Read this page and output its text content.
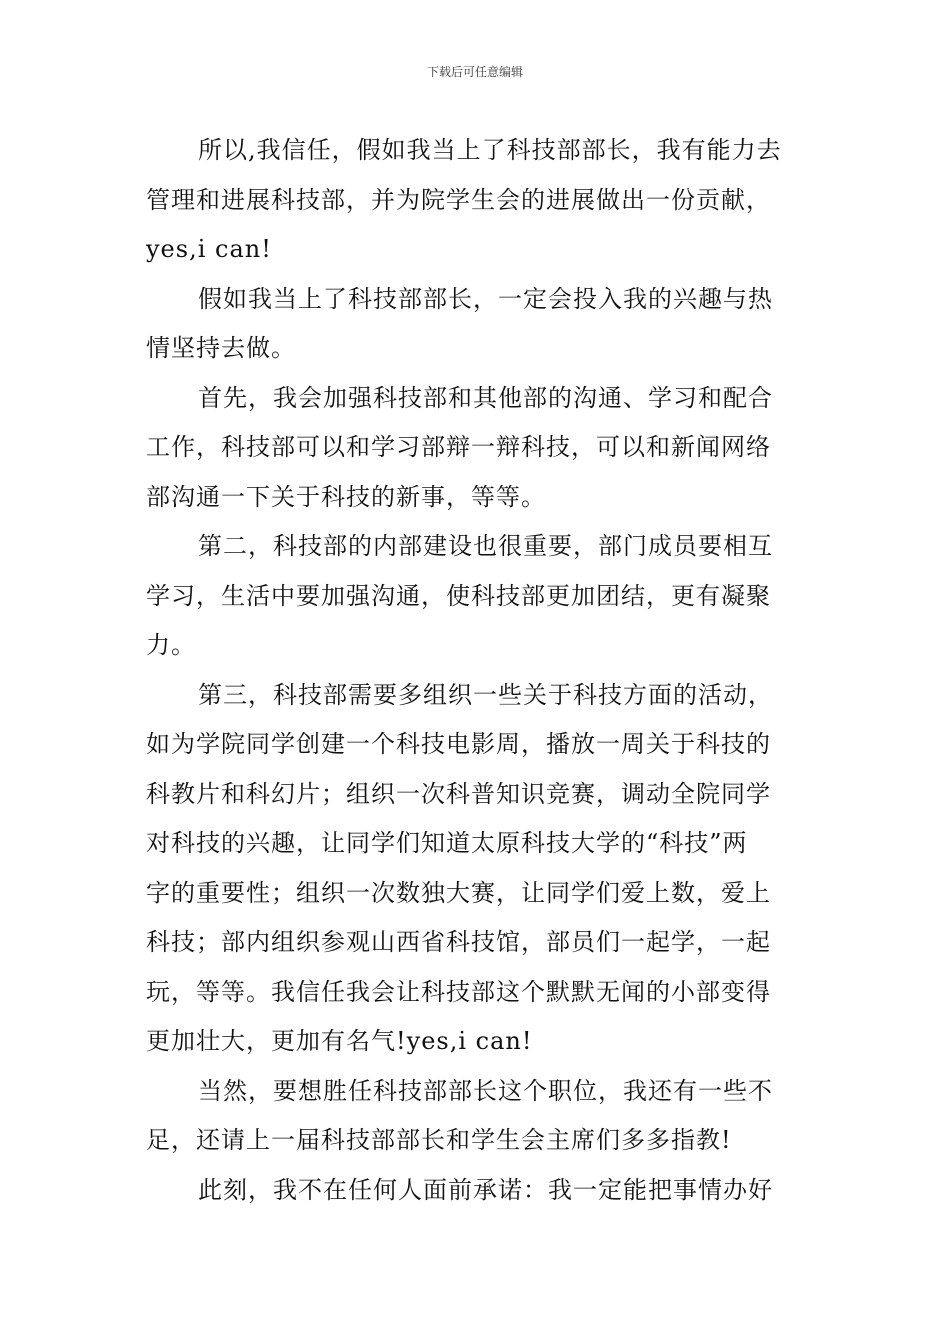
下载后可任意编辑
所以,我信任，假如我当上了科技部部长，我有能力去
管理和进展科技部，并为院学生会的进展做出一份贡献，
yes,i can!
假如我当上了科技部部长，一定会投入我的兴趣与热
情坚持去做。
首先，我会加强科技部和其他部的沟通、学习和配合
工作，科技部可以和学习部辩一辩科技，可以和新闻网络
部沟通一下关于科技的新事，等等。
第二，科技部的内部建设也很重要，部门成员要相互
学习，生活中要加强沟通，使科技部更加团结，更有凝聚
力。
第三，科技部需要多组织一些关于科技方面的活动，
如为学院同学创建一个科技电影周，播放一周关于科技的
科教片和科幻片；组织一次科普知识竞赛，调动全院同学
对科技的兴趣，让同学们知道太原科技大学的“科技”两
字的重要性；组织一次数独大赛，让同学们爱上数，爱上
科技；部内组织参观山西省科技馆，部员们一起学，一起
玩，等等。我信任我会让科技部这个默默无闻的小部变得
更加壮大，更加有名气!yes,i can!
当然，要想胜任科技部部长这个职位，我还有一些不
足，还请上一届科技部部长和学生会主席们多多指教!
此刻，我不在任何人面前承诺：我一定能把事情办好
